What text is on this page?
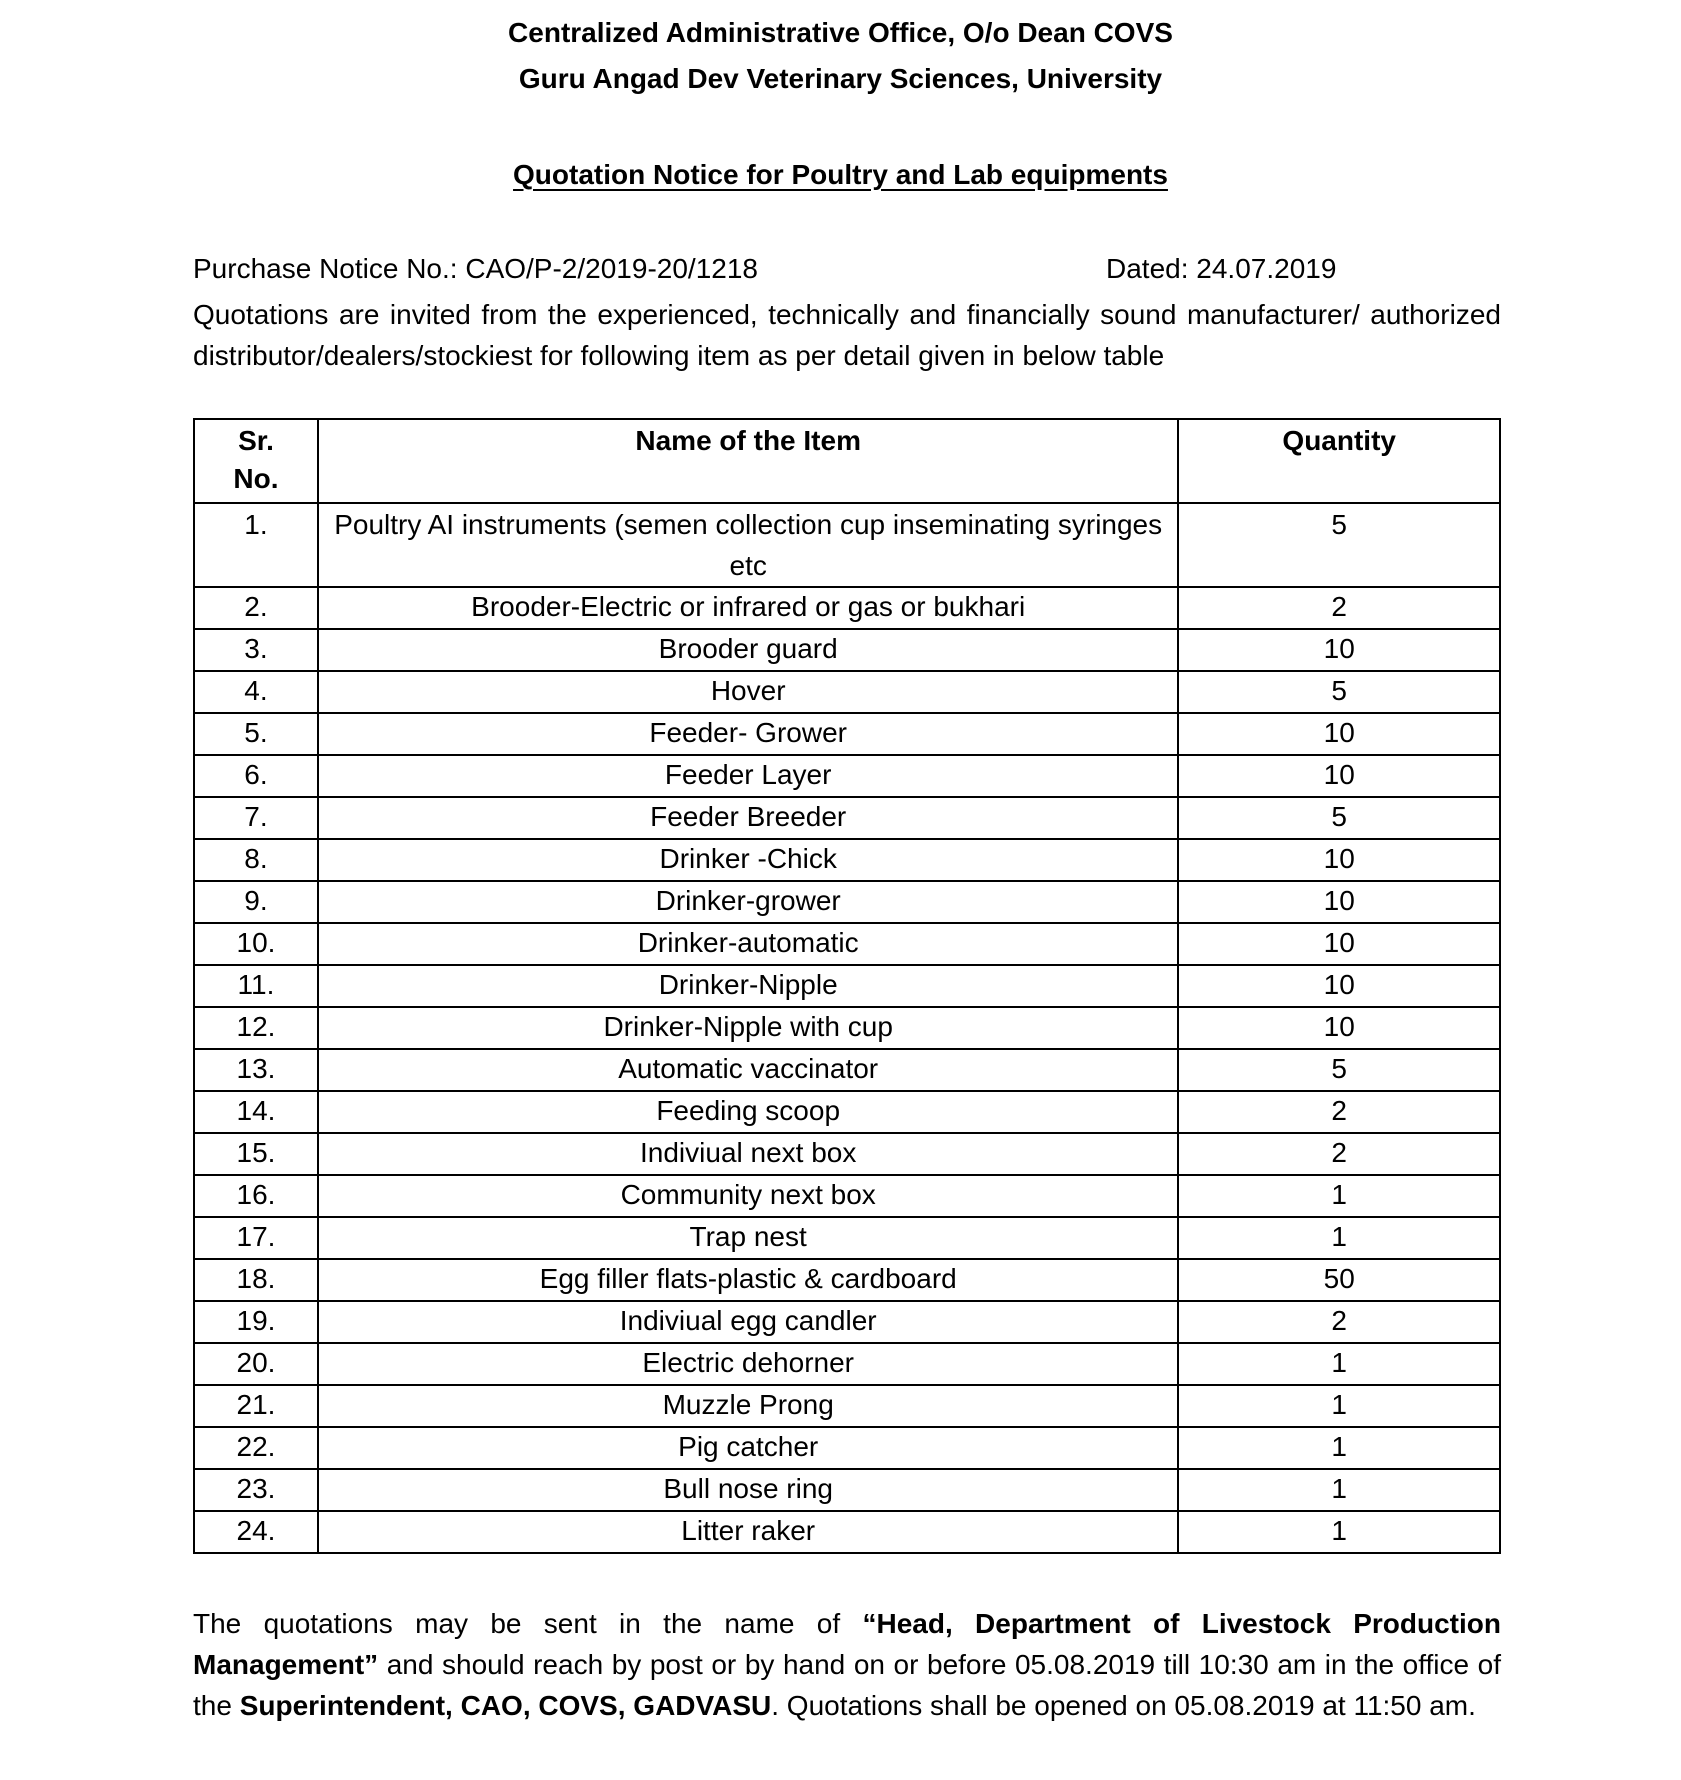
Centralized Administrative Office, O/o Dean COVS
Guru Angad Dev Veterinary Sciences, University
Quotation Notice for Poultry and Lab equipments
Purchase Notice No.: CAO/P-2/2019-20/1218	Dated: 24.07.2019
Quotations are invited from the experienced, technically and financially sound manufacturer/ authorized distributor/dealers/stockiest for following item as per detail given in below table
Sr. No.	Name of the Item	Quantity
1.	Poultry AI instruments (semen collection cup inseminating syringes etc	5
2.	Brooder-Electric or infrared or gas or bukhari	2
3.	Brooder guard	10
4.	Hover	5
5.	Feeder- Grower	10
6.	Feeder Layer	10
7.	Feeder Breeder	5
8.	Drinker -Chick	10
9.	Drinker-grower	10
10.	Drinker-automatic	10
11.	Drinker-Nipple	10
12.	Drinker-Nipple with cup	10
13.	Automatic vaccinator	5
14.	Feeding scoop	2
15.	Indiviual next box	2
16.	Community next box	1
17.	Trap nest	1
18.	Egg filler flats-plastic & cardboard	50
19.	Indiviual egg candler	2
20.	Electric dehorner	1
21.	Muzzle Prong	1
22.	Pig catcher	1
23.	Bull nose ring	1
24.	Litter raker	1
The quotations may be sent in the name of “Head, Department of Livestock Production Management” and should reach by post or by hand on or before 05.08.2019 till 10:30 am in the office of the Superintendent, CAO, COVS, GADVASU. Quotations shall be opened on 05.08.2019 at 11:50 am.
